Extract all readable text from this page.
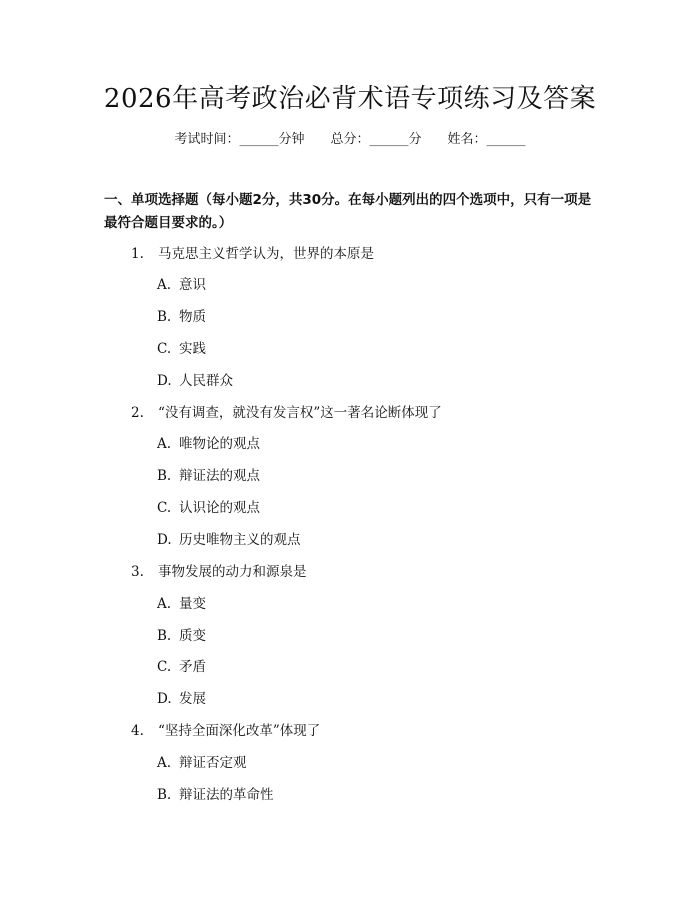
2026年高考政治必背术语专项练习及答案
考试时间：______分钟 总分：______分 姓名：______
一、单项选择题（每小题2分，共30分。在每小题列出的四个选项中，只有一项是最符合题目要求的。）
1. 马克思主义哲学认为，世界的本原是
A. 意识
B. 物质
C. 实践
D. 人民群众
2. “没有调查，就没有发言权”这一著名论断体现了
A. 唯物论的观点
B. 辩证法的观点
C. 认识论的观点
D. 历史唯物主义的观点
3. 事物发展的动力和源泉是
A. 量变
B. 质变
C. 矛盾
D. 发展
4. “坚持全面深化改革”体现了
A. 辩证否定观
B. 辩证法的革命性
